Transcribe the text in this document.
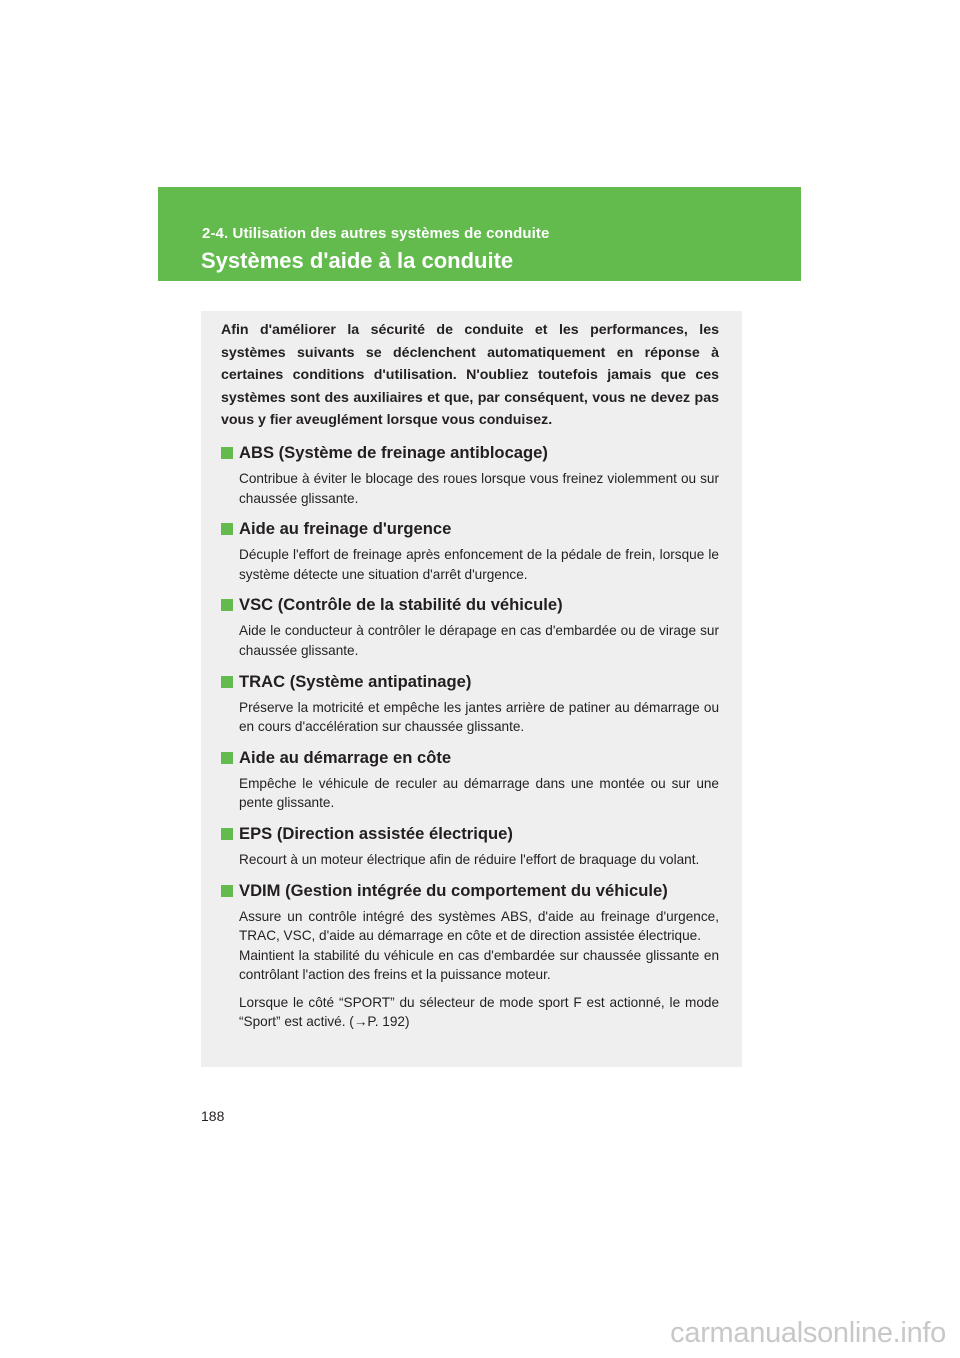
2-4. Utilisation des autres systèmes de conduite
Systèmes d'aide à la conduite

Afin d'améliorer la sécurité de conduite et les performances, les systèmes suivants se déclenchent automatiquement en réponse à certaines conditions d'utilisation. N'oubliez toutefois jamais que ces systèmes sont des auxiliaires et que, par conséquent, vous ne devez pas vous y fier aveuglément lorsque vous conduisez.

ABS (Système de freinage antiblocage)

Contribue à éviter le blocage des roues lorsque vous freinez violemment ou sur chaussée glissante.

Aide au freinage d'urgence

Décuple l'effort de freinage après enfoncement de la pédale de frein, lorsque le système détecte une situation d'arrêt d'urgence.

VSC (Contrôle de la stabilité du véhicule)

Aide le conducteur à contrôler le dérapage en cas d'embardée ou de virage sur chaussée glissante.

TRAC (Système antipatinage)

Préserve la motricité et empêche les jantes arrière de patiner au démarrage ou en cours d'accélération sur chaussée glissante.

Aide au démarrage en côte

Empêche le véhicule de reculer au démarrage dans une montée ou sur une pente glissante.

EPS (Direction assistée électrique)

Recourt à un moteur électrique afin de réduire l'effort de braquage du volant.

VDIM (Gestion intégrée du comportement du véhicule)

Assure un contrôle intégré des systèmes ABS, d'aide au freinage d'urgence, TRAC, VSC, d'aide au démarrage en côte et de direction assistée électrique.

Maintient la stabilité du véhicule en cas d'embardée sur chaussée glissante en contrôlant l'action des freins et la puissance moteur.

Lorsque le côté “SPORT” du sélecteur de mode sport F est actionné, le mode “Sport” est activé. (→P. 192)

188
carmanualsonline.info
